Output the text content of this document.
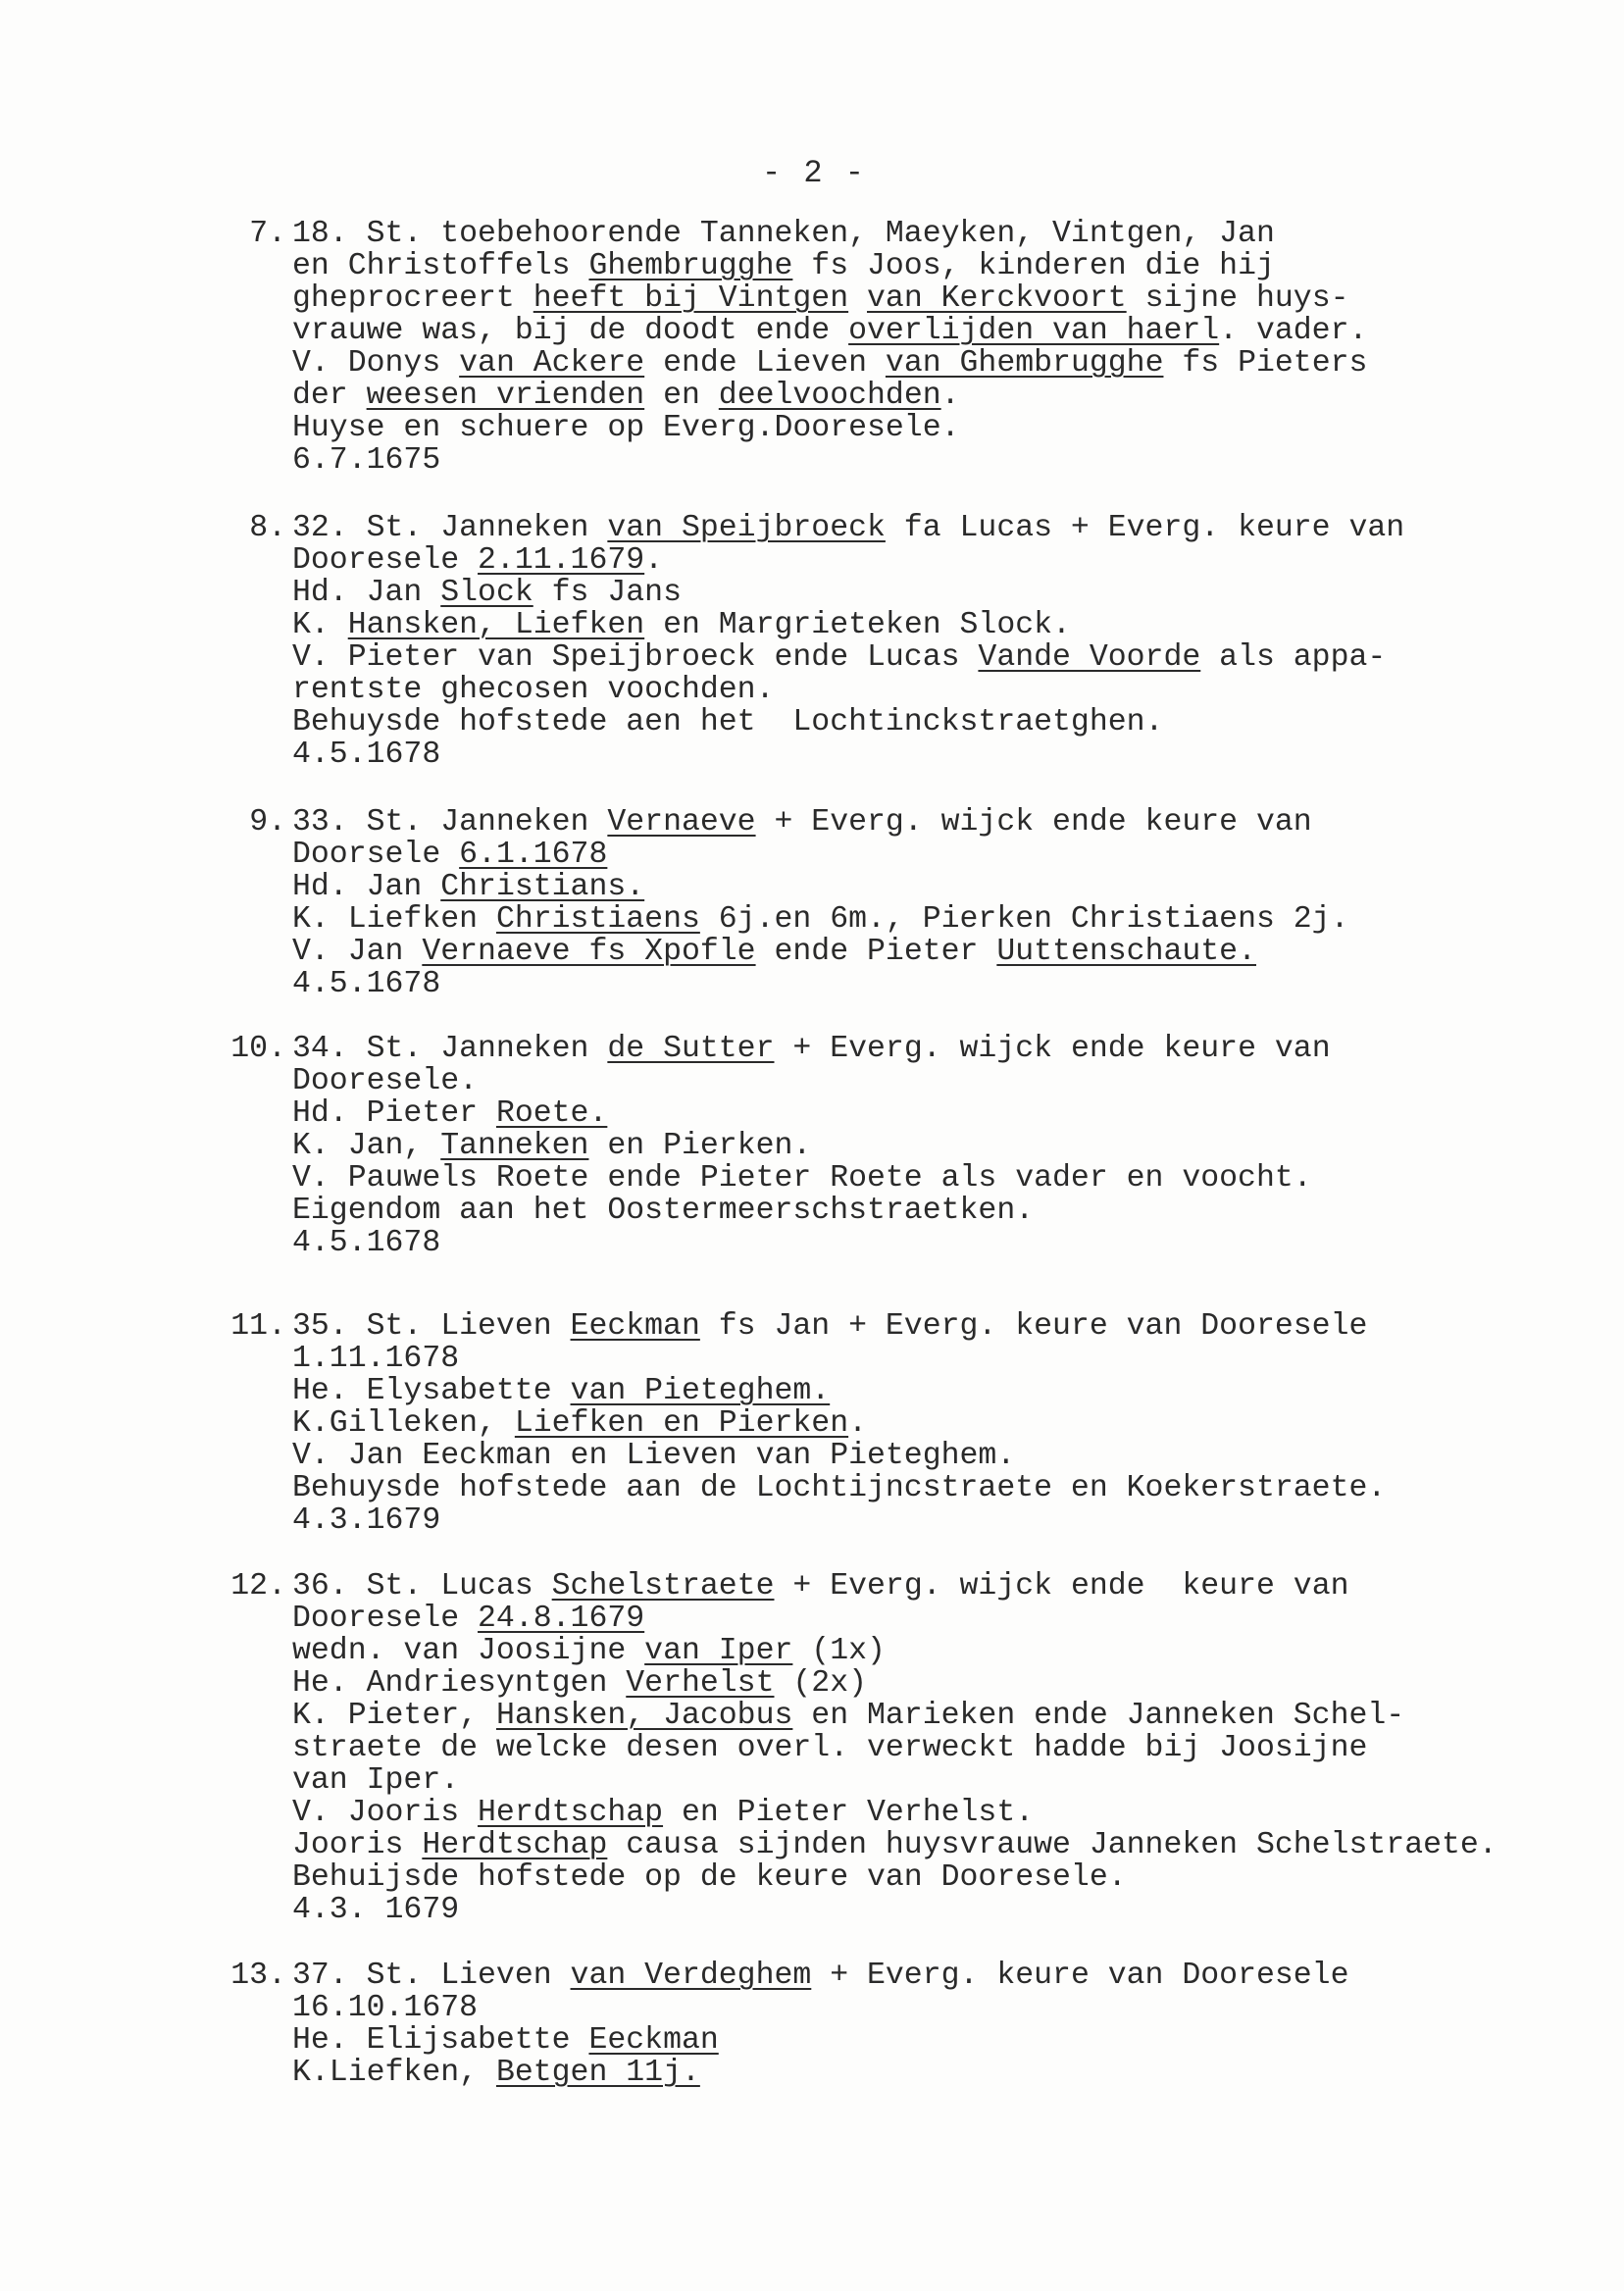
- 2 -
7. 18. St. toebehoorende Tanneken, Maeyken, Vintgen, Jan
en Christoffels Ghembrugghe fs Joos, kinderen die hij
gheprocreert heeft bij Vintgen van Kerckvoort sijne huys-
vrauwe was, bij de doodt ende overlijden van haerl. vader.
V. Donys van Ackere ende Lieven van Ghembrugghe fs Pieters
der weesen vrienden en deelvoochden.
Huyse en schuere op Everg.Dooresele.
6.7.1675
8. 32. St. Janneken van Speijbroeck fa Lucas + Everg. keure van
Dooresele 2.11.1679.
Hd. Jan Slock fs Jans
K. Hansken, Liefken en Margrieteken Slock.
V. Pieter van Speijbroeck ende Lucas Vande Voorde als appa-
rentste ghecosen voochden.
Behuysde hofstede aen het  Lochtinckstraetghen.
4.5.1678
9. 33. St. Janneken Vernaeve + Everg. wijck ende keure van
Doorsele 6.1.1678
Hd. Jan Christians.
K. Liefken Christiaens 6j.en 6m., Pierken Christiaens 2j.
V. Jan Vernaeve fs Xpofle ende Pieter Uuttenschaute.
4.5.1678
10. 34. St. Janneken de Sutter + Everg. wijck ende keure van
Dooresele.
Hd. Pieter Roete.
K. Jan, Tanneken en Pierken.
V. Pauwels Roete ende Pieter Roete als vader en voocht.
Eigendom aan het Oostermeerschstraetken.
4.5.1678
11. 35. St. Lieven Eeckman fs Jan + Everg. keure van Dooresele
1.11.1678
He. Elysabette van Pieteghem.
K.Gilleken, Liefken en Pierken.
V. Jan Eeckman en Lieven van Pieteghem.
Behuysde hofstede aan de Lochtijncstraete en Koekerstraete.
4.3.1679
12. 36. St. Lucas Schelstraete + Everg. wijck ende  keure van
Dooresele 24.8.1679
wedn. van Joosijne van Iper (1x)
He. Andriesyntgen Verhelst (2x)
K. Pieter, Hansken, Jacobus en Marieken ende Janneken Schel-
straete de welcke desen overl. verweckt hadde bij Joosijne
van Iper.
V. Jooris Herdtschap en Pieter Verhelst.
Jooris Herdtschap causa sijnden huysvrauwe Janneken Schelstraete.
Behuijsde hofstede op de keure van Dooresele.
4.3. 1679
13. 37. St. Lieven van Verdeghem + Everg. keure van Dooresele
16.10.1678
He. Elijsabette Eeckman
K.Liefken, Betgen 11j.
